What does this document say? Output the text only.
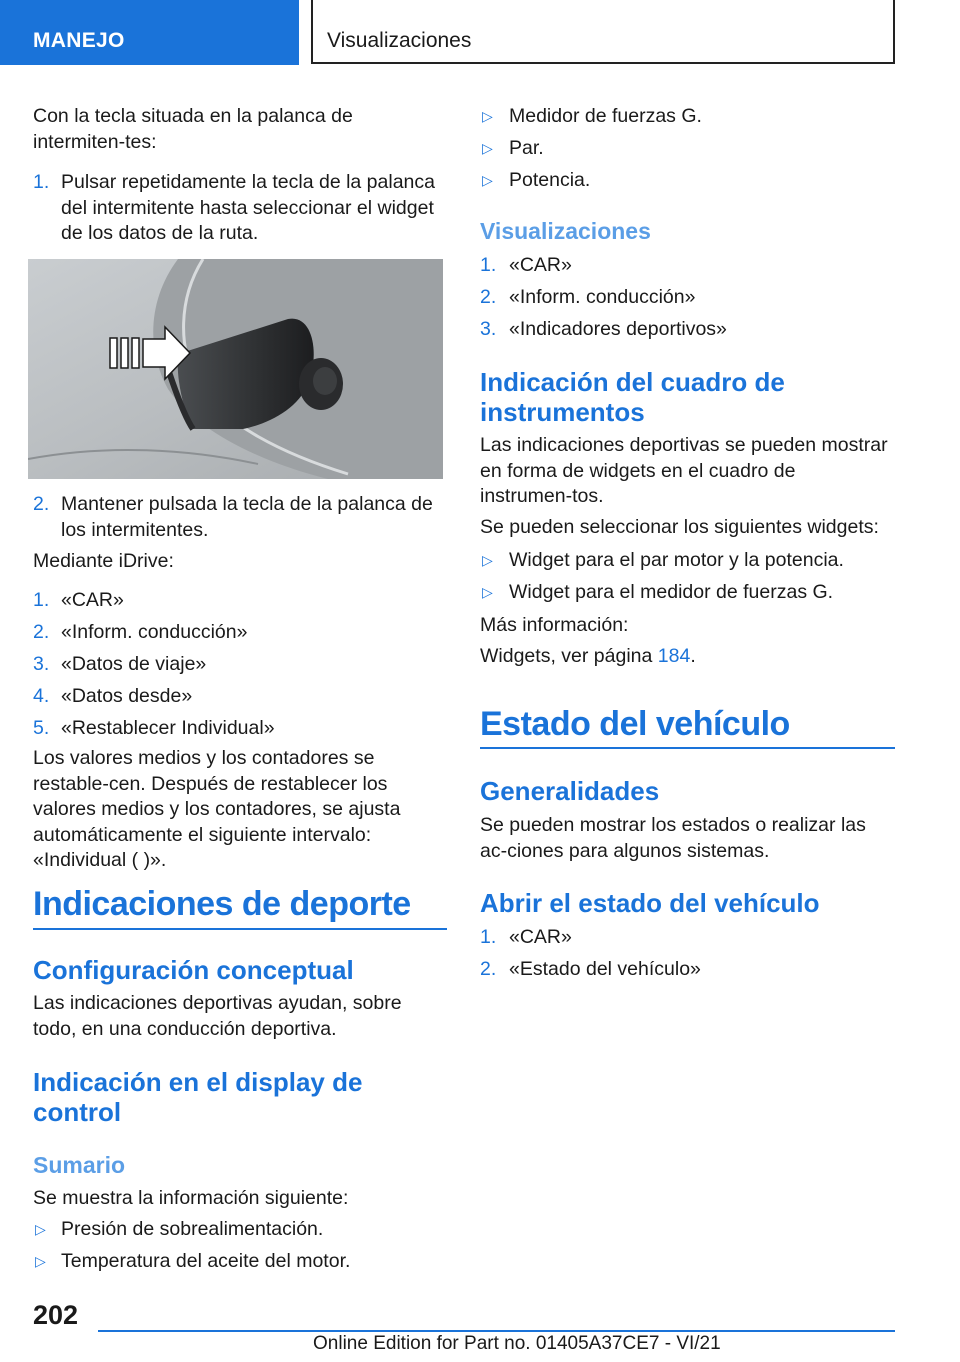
MANEJO	Visualizaciones

Con la tecla situada en la palanca de intermiten-tes:

1. Pulsar repetidamente la tecla de la palanca del intermitente hasta seleccionar el widget de los datos de la ruta.

2. Mantener pulsada la tecla de la palanca de los intermitentes.

Mediante iDrive:

1. «CAR»

2. «Inform. conducción»

3. «Datos de viaje»

4. «Datos desde»

5. «Restablecer Individual»

Los valores medios y los contadores se restable-cen. Después de restablecer los valores medios y los contadores, se ajusta automáticamente el siguiente intervalo: «Individual ( )».

Indicaciones de deporte
Configuración conceptual

Las indicaciones deportivas ayudan, sobre todo, en una conducción deportiva.

Indicación en el display de control
Sumario

Se muestra la información siguiente:

▷ Presión de sobrealimentación.

▷ Temperatura del aceite del motor.

▷ Medidor de fuerzas G.

▷ Par.

▷ Potencia.

Visualizaciones
1. «CAR»

2. «Inform. conducción»

3. «Indicadores deportivos»

Indicación del cuadro de instrumentos

Las indicaciones deportivas se pueden mostrar en forma de widgets en el cuadro de instrumen-tos.

Se pueden seleccionar los siguientes widgets:

▷ Widget para el par motor y la potencia.

▷ Widget para el medidor de fuerzas G.

Más información:

Widgets, ver página 184.

Estado del vehículo
Generalidades

Se pueden mostrar los estados o realizar las ac-ciones para algunos sistemas.

Abrir el estado del vehículo
1. «CAR»

2. «Estado del vehículo»

202
Online Edition for Part no. 01405A37CE7 - VI/21
